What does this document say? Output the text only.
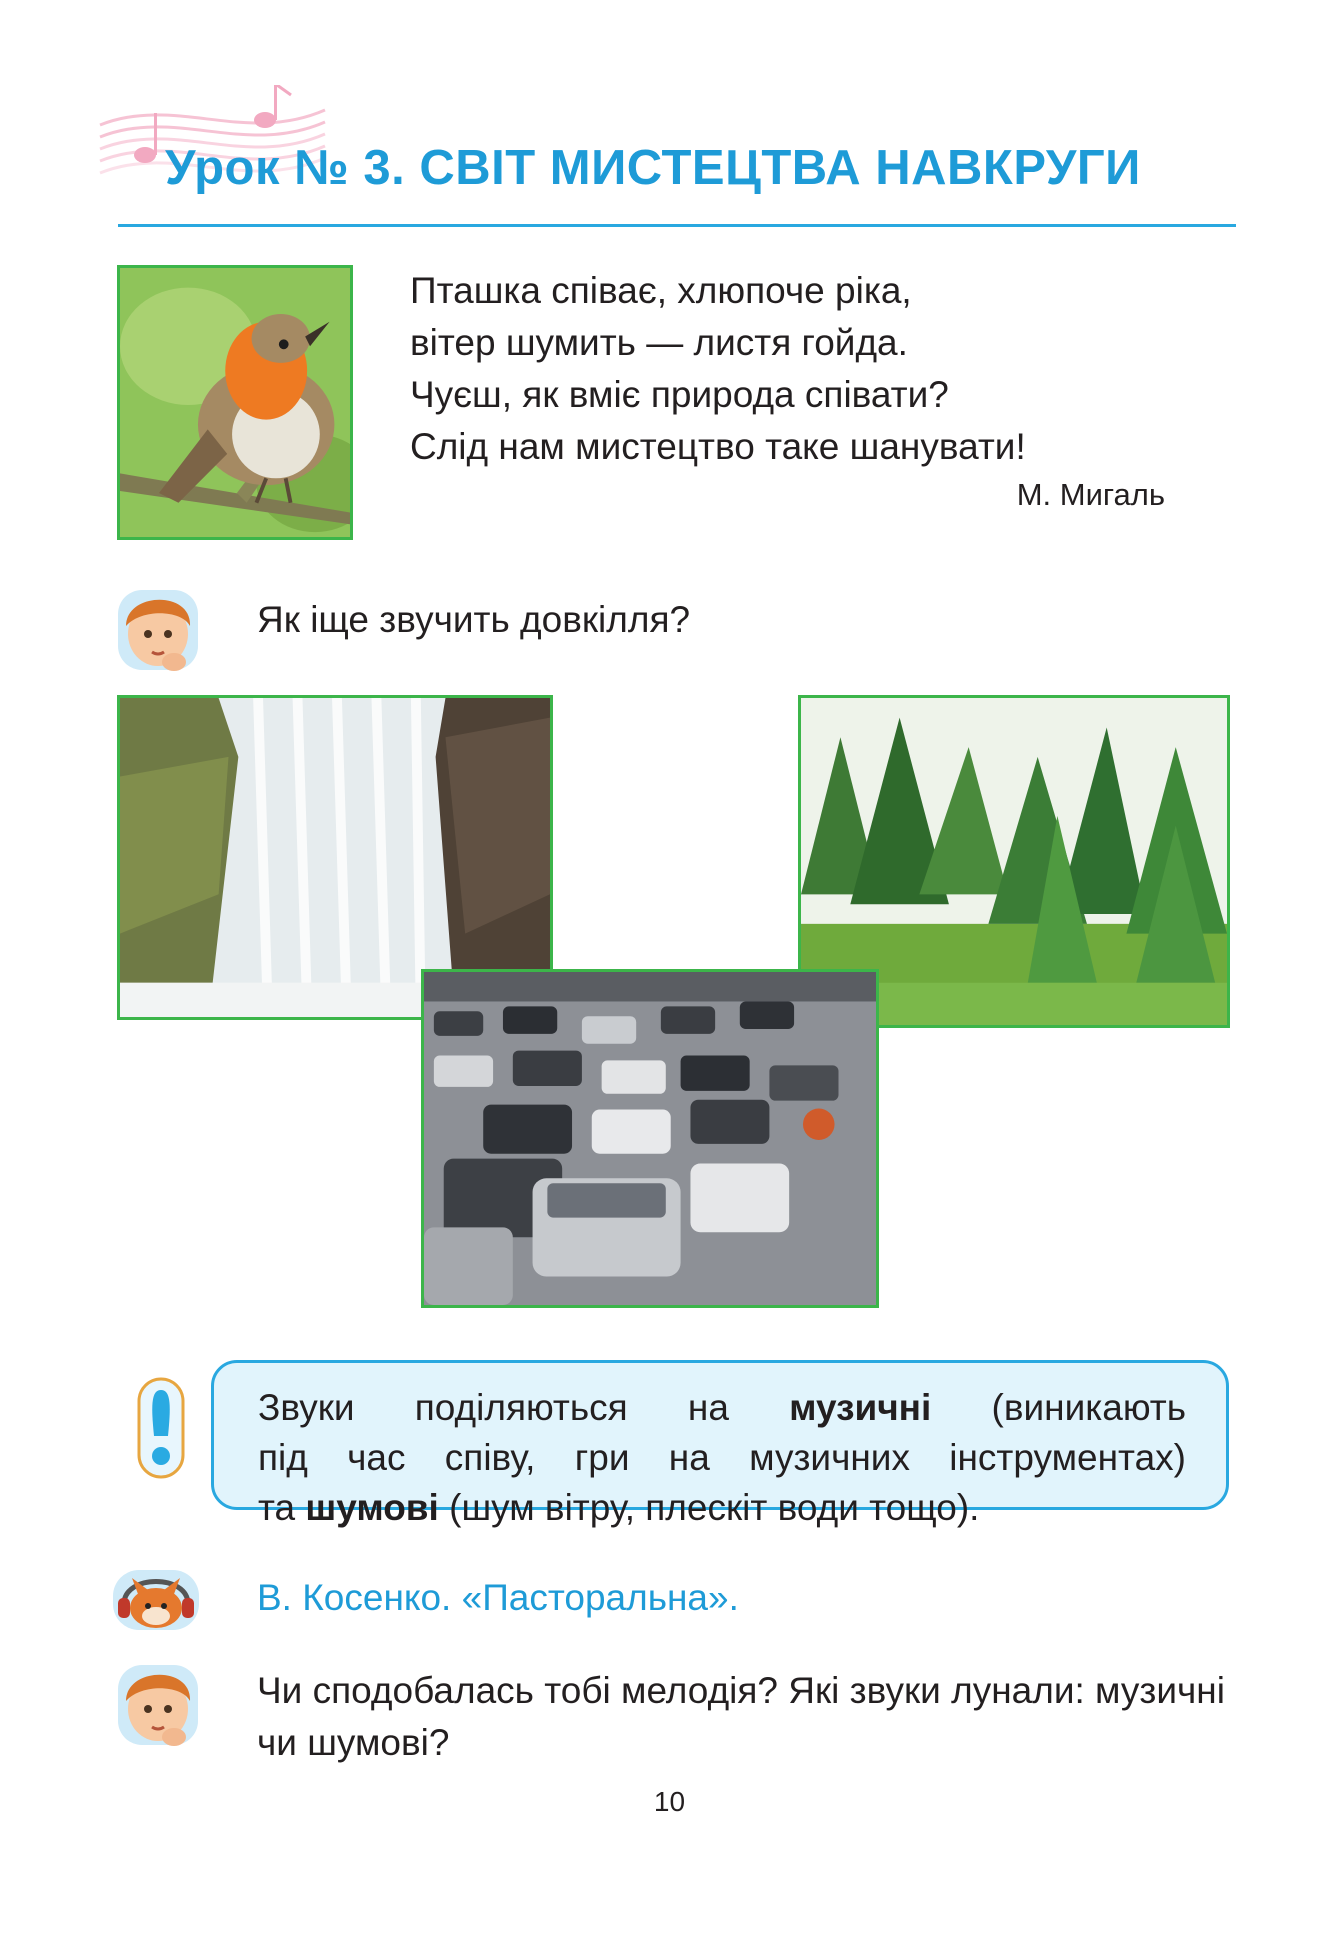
Урок № 3. СВІТ МИСТЕЦТВА НАВКРУГИ
Пташка співає, хлюпоче ріка,
вітер шумить — листя гойда.
Чуєш, як вміє природа співати?
Слід нам мистецтво таке шанувати!
М. Мигаль
Як іще звучить довкілля?
Звуки поділяються на музичні (виникають
під час співу, гри на музичних інструментах)
та шумові (шум вітру, плескіт води тощо).
В. Косенко. «Пасторальна».
Чи сподобалась тобі мелодія? Які звуки лунали: музичні чи шумові?
10
